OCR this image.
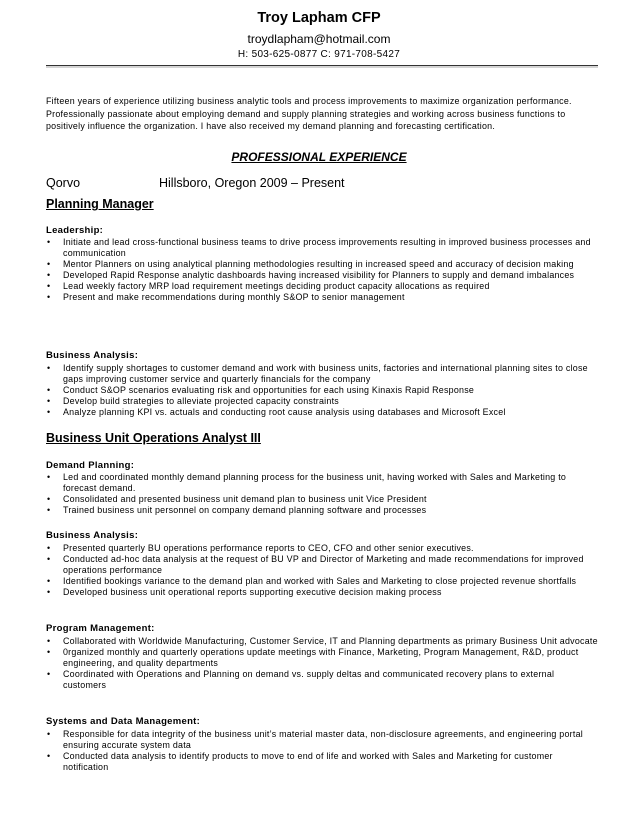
Troy Lapham CFP
troydlapham@hotmail.com
H: 503-625-0877 C: 971-708-5427
Fifteen years of experience utilizing business analytic tools and process improvements to maximize organization performance. Professionally passionate about employing demand and supply planning strategies and working across business functions to positively influence the organization. I have also received my demand planning and forecasting certification.
PROFESSIONAL EXPERIENCE
Qorvo	Hillsboro, Oregon 2009 – Present
Planning Manager
Leadership:
• Initiate and lead cross-functional business teams to drive process improvements resulting in improved business processes and communication
• Mentor Planners on using analytical planning methodologies resulting in increased speed and accuracy of decision making
• Developed Rapid Response analytic dashboards having increased visibility for Planners to supply and demand imbalances
• Lead weekly factory MRP load requirement meetings deciding product capacity allocations as required
• Present and make recommendations during monthly S&OP to senior management
Business Analysis:
• Identify supply shortages to customer demand and work with business units, factories and international planning sites to close gaps improving customer service and quarterly financials for the company
• Conduct S&OP scenarios evaluating risk and opportunities for each using Kinaxis Rapid Response
• Develop build strategies to alleviate projected capacity constraints
• Analyze planning KPI vs. actuals and conducting root cause analysis using databases and Microsoft Excel
Business Unit Operations Analyst III
Demand Planning:
• Led and coordinated monthly demand planning process for the business unit, having worked with Sales and Marketing to forecast demand.
• Consolidated and presented business unit demand plan to business unit Vice President
• Trained business unit personnel on company demand planning software and processes
Business Analysis:
• Presented quarterly BU operations performance reports to CEO, CFO and other senior executives.
• Conducted ad-hoc data analysis at the request of BU VP and Director of Marketing and made recommendations for improved operations performance
• Identified bookings variance to the demand plan and worked with Sales and Marketing to close projected revenue shortfalls
• Developed business unit operational reports supporting executive decision making process
Program Management:
• Collaborated with Worldwide Manufacturing, Customer Service, IT and Planning departments as primary Business Unit advocate
• 0rganized monthly and quarterly operations update meetings with Finance, Marketing, Program Management, R&D, product engineering, and quality departments
• Coordinated with Operations and Planning on demand vs. supply deltas and communicated recovery plans to external customers
Systems and Data Management:
• Responsible for data integrity of the business unit’s material master data, non-disclosure agreements, and engineering portal ensuring accurate system data
• Conducted data analysis to identify products to move to end of life and worked with Sales and Marketing for customer notification
